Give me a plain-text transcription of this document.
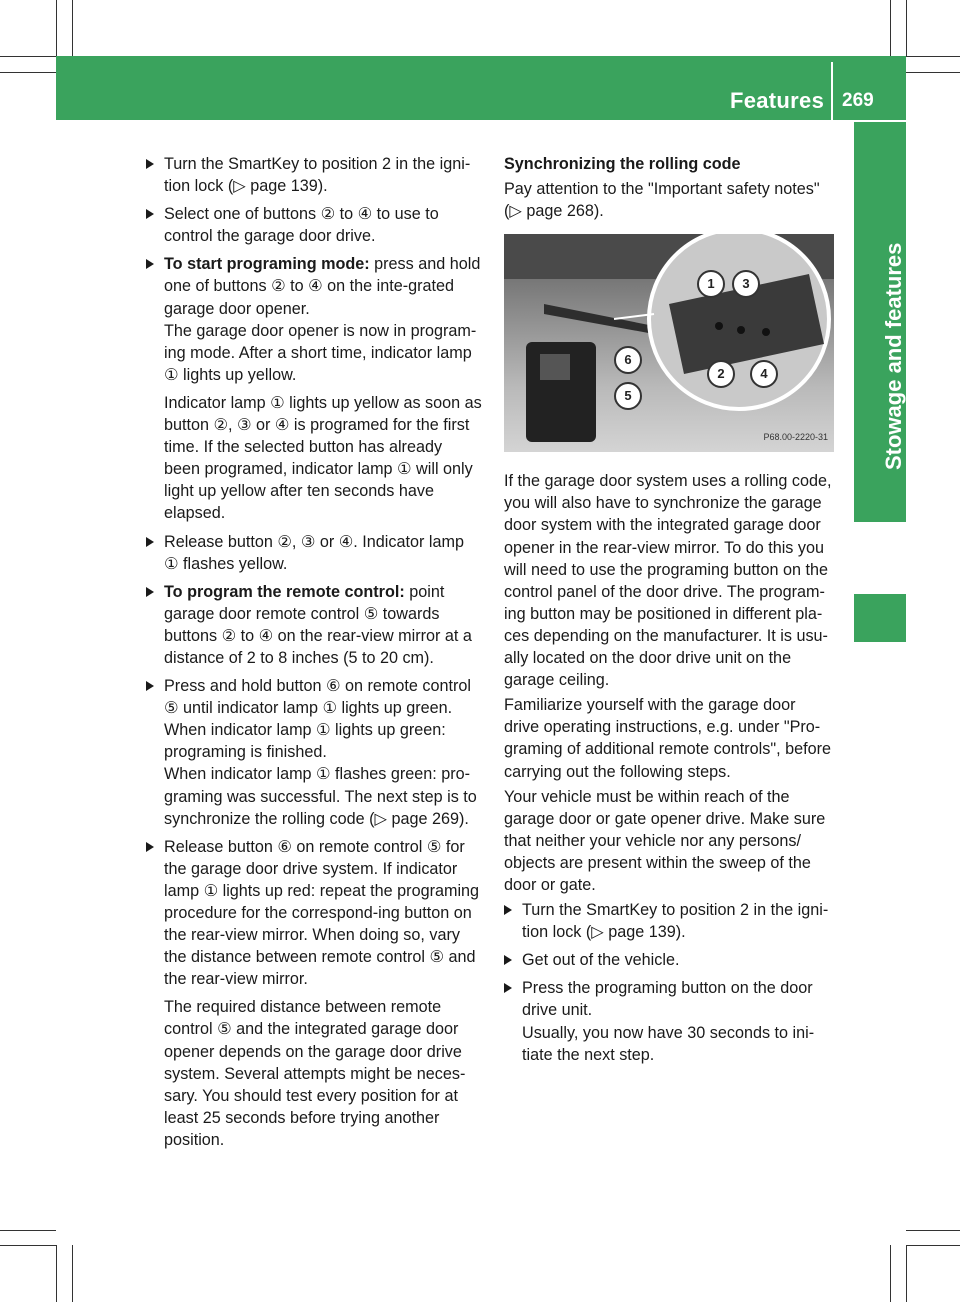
Features 269
Stowage and features

Turn the SmartKey to position 2 in the igni-tion lock (▷ page 139).

Select one of buttons ② to ④ to use to control the garage door drive.

To start programing mode: press and hold one of buttons ② to ④ on the inte-grated garage door opener.

The garage door opener is now in program-ing mode. After a short time, indicator lamp ① lights up yellow.

Indicator lamp ① lights up yellow as soon as button ②, ③ or ④ is programed for the first time. If the selected button has already been programed, indicator lamp ① will only light up yellow after ten seconds have elapsed.

Release button ②, ③ or ④. Indicator lamp ① flashes yellow.

To program the remote control: point garage door remote control ⑤ towards buttons ② to ④ on the rear-view mirror at a distance of 2 to 8 inches (5 to 20 cm).

Press and hold button ⑥ on remote control ⑤ until indicator lamp ① lights up green. When indicator lamp ① lights up green: programing is finished.

When indicator lamp ① flashes green: pro-graming was successful. The next step is to synchronize the rolling code (▷ page 269).

Release button ⑥ on remote control ⑤ for the garage door drive system. If indicator lamp ① lights up red: repeat the programing procedure for the correspond-ing button on the rear-view mirror. When doing so, vary the distance between remote control ⑤ and the rear-view mirror.

The required distance between remote control ⑤ and the integrated garage door opener depends on the garage door drive system. Several attempts might be neces-sary. You should test every position for at least 25 seconds before trying another position.

Synchronizing the rolling code
Pay attention to the "Important safety notes" (▷ page 268).
1	3
2	4
6
5
P68.00-2220-31
If the garage door system uses a rolling code, you will also have to synchronize the garage door system with the integrated garage door opener in the rear-view mirror. To do this you will need to use the programing button on the control panel of the door drive. The program-ing button may be positioned in different pla-ces depending on the manufacturer. It is usu-ally located on the door drive unit on the garage ceiling.
Familiarize yourself with the garage door drive operating instructions, e.g. under "Pro-graming of additional remote controls", before carrying out the following steps.
Your vehicle must be within reach of the garage door or gate opener drive. Make sure that neither your vehicle nor any persons/ objects are present within the sweep of the door or gate.

Turn the SmartKey to position 2 in the igni-tion lock (▷ page 139).

Get out of the vehicle.

Press the programing button on the door drive unit.

Usually, you now have 30 seconds to ini-tiate the next step.
